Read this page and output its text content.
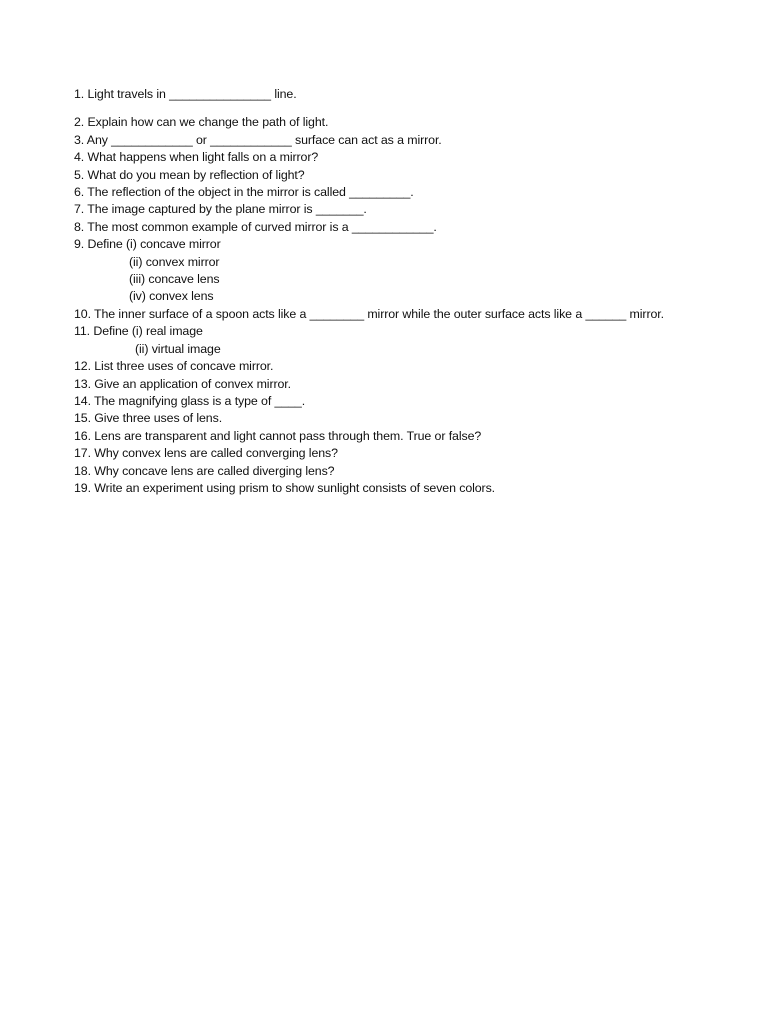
1. Light travels in _______________ line.

2. Explain how can we change the path of light.

3. Any ____________ or ____________ surface can act as a mirror.

4. What happens when light falls on a mirror?

5. What do you mean by reflection of light?

6. The reflection of the object in the mirror is called _________.

7. The image captured by the plane mirror is _______.

8. The most common example of curved mirror is a ____________.

9. Define (i) concave mirror

(ii) convex mirror

(iii) concave lens

(iv) convex lens

10. The inner surface of a spoon acts like a ________ mirror while the outer surface acts like a ______ mirror.

11. Define (i) real image

(ii) virtual image

12. List three uses of concave mirror.

13. Give an application of convex mirror.

14. The magnifying glass is a type of ____.

15. Give three uses of lens.

16. Lens are transparent and light cannot pass through them. True or false?

17. Why convex lens are called converging lens?

18. Why concave lens are called diverging lens?

19. Write an experiment using prism to show sunlight consists of seven colors.
